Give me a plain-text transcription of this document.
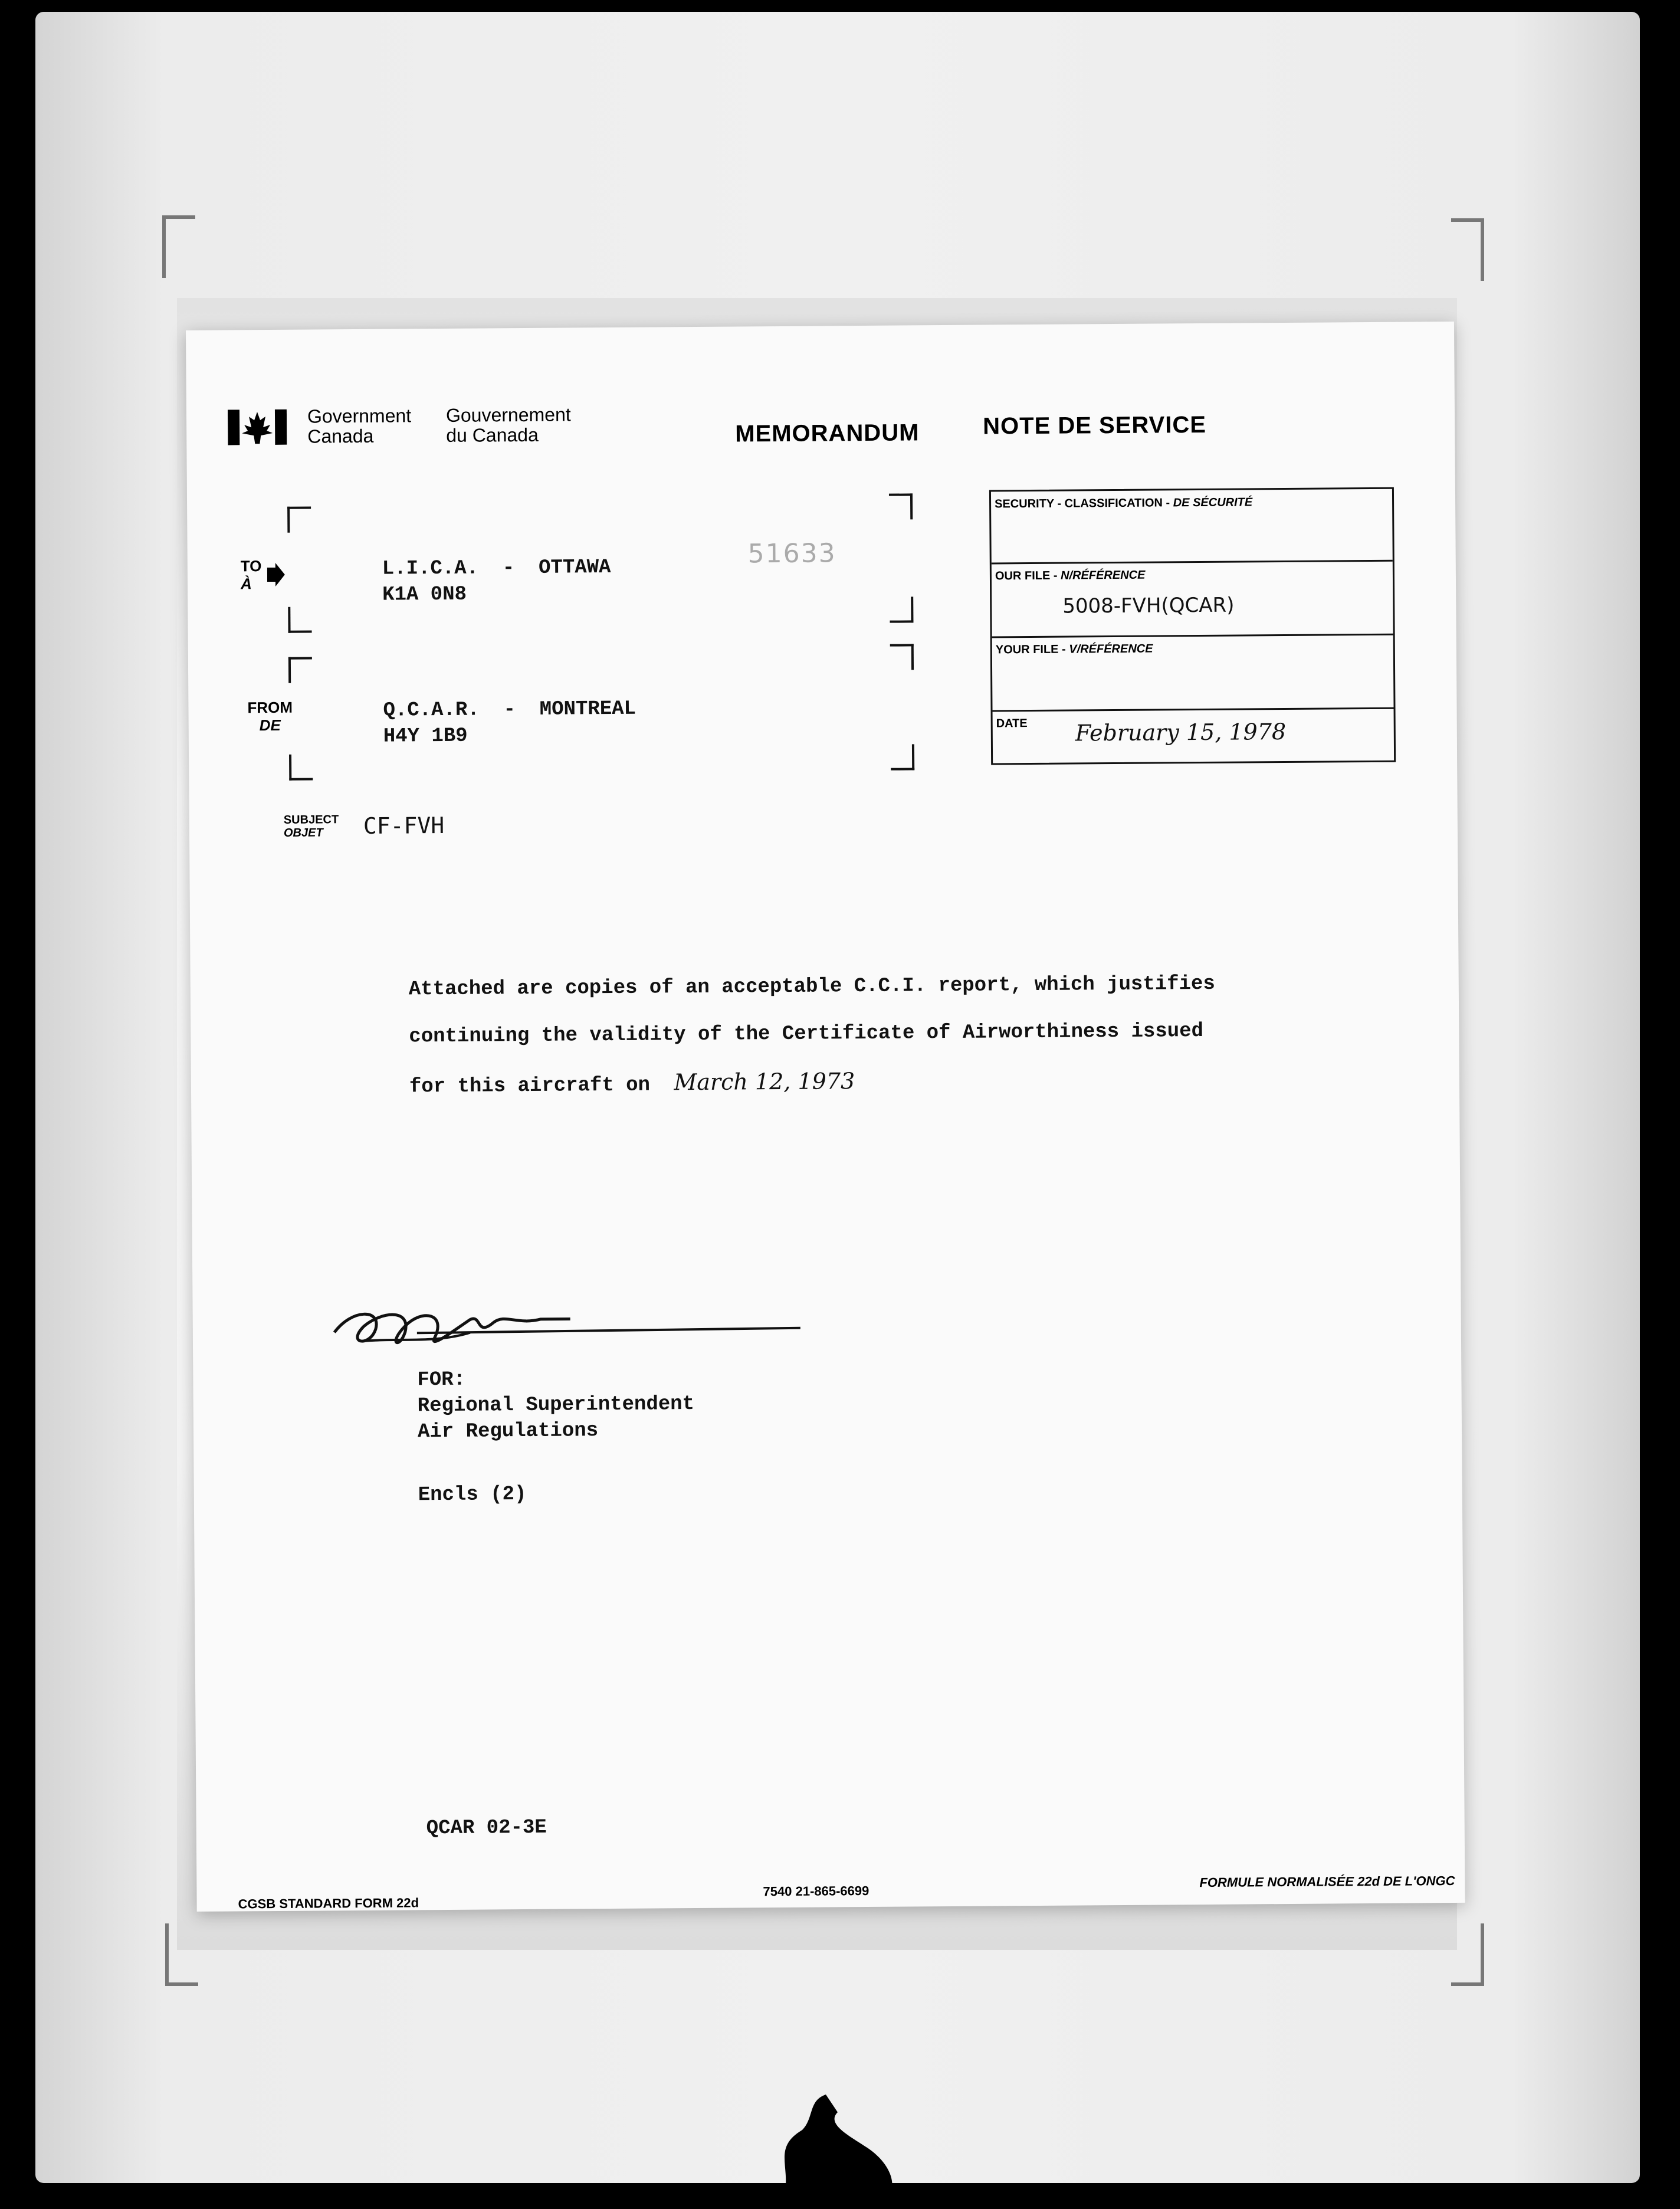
Government
Canada
Gouvernement
du Canada	MEMORANDUM	NOTE DE SERVICE
51633
TO
À
L.I.C.A.  -  OTTAWA
K1A 0N8
FROM
DE
Q.C.A.R.  -  MONTREAL
H4Y 1B9
SUBJECT
OBJET	CF-FVH
SECURITY - CLASSIFICATION - DE SÉCURITÉ
OUR FILE - N/RÉFÉRENCE
5008-FVH(QCAR)
YOUR FILE - V/RÉFÉRENCE
DATE February 15, 1978
Attached are copies of an acceptable C.C.I. report, which justifies
continuing the validity of the Certificate of Airworthiness issued
for this aircraft on March 12, 1973
FOR:
Regional Superintendent
Air Regulations
Encls (2)
QCAR 02-3E
CGSB STANDARD FORM 22d
7540 21-865-6699
FORMULE NORMALISÉE 22d DE L'ONGC
